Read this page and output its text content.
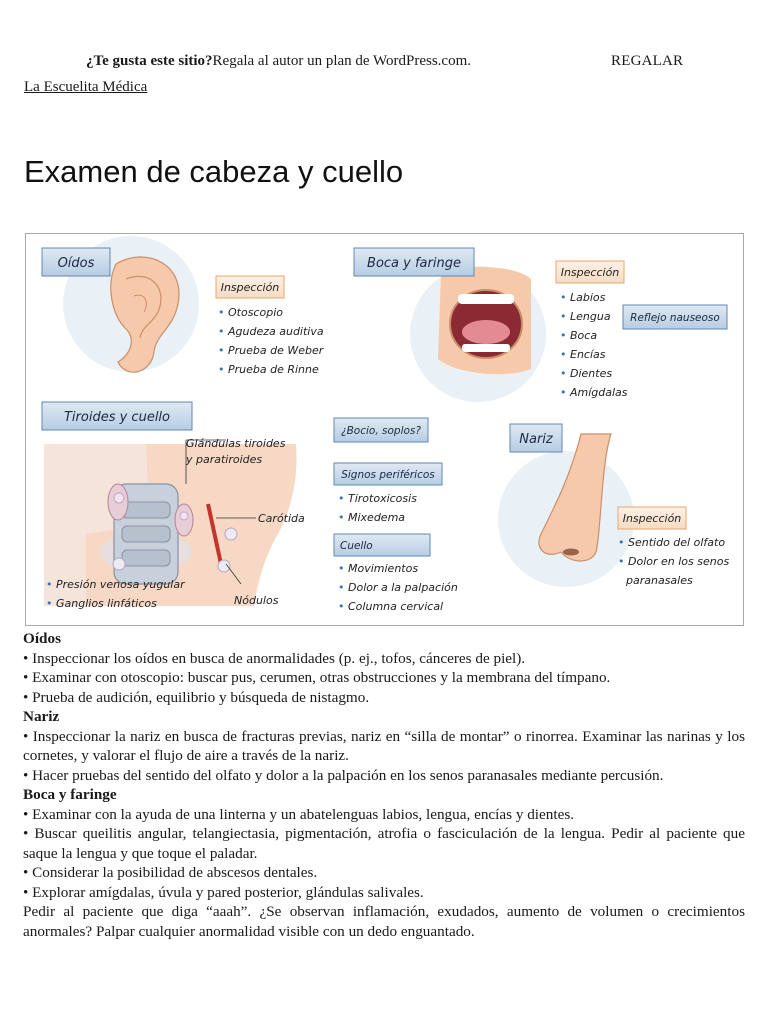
¿Te gusta este sitio?Regala al autor un plan de WordPress.com.	REGALAR
La Escuelita Médica
Examen de cabeza y cuello
Oídos	Boca y faringe
Tiroides y cuello
Nariz
Inspección
• Otoscopio
• Agudeza auditiva
• Prueba de Weber
• Prueba de Rinne
Inspección
• Labios
• Lengua
• Boca
• Encías
• Dientes
• Amígdalas
Reflejo nauseoso
Glándulas tiroides
y paratiroides
Carótida
Nódulos
• Presión venosa yugular
• Ganglios linfáticos
¿Bocio, soplos?
Signos periféricos
• Tirotoxicosis
• Mixedema
Cuello
• Movimientos
• Dolor a la palpación
• Columna cervical
Inspección
• Sentido del olfato
• Dolor en los senos
paranasales

Oídos

• Inspeccionar los oídos en busca de anormalidades (p. ej., tofos, cánceres de piel).

• Examinar con otoscopio: buscar pus, cerumen, otras obstrucciones y la membrana del tímpano.

• Prueba de audición, equilibrio y búsqueda de nistagmo.

Nariz

• Inspeccionar la nariz en busca de fracturas previas, nariz en “silla de montar” o rinorrea. Examinar las narinas y los cornetes, y valorar el flujo de aire a través de la nariz.

• Hacer pruebas del sentido del olfato y dolor a la palpación en los senos paranasales mediante percusión.

Boca y faringe

• Examinar con la ayuda de una linterna y un abatelenguas labios, lengua, encías y dientes.

• Buscar queilitis angular, telangiectasia, pigmentación, atrofia o fasciculación de la lengua. Pedir al paciente que saque la lengua y que toque el paladar.

• Considerar la posibilidad de abscesos dentales.

• Explorar amígdalas, úvula y pared posterior, glándulas salivales.

Pedir al paciente que diga “aaah”. ¿Se observan inflamación, exudados, aumento de volumen o crecimientos anormales? Palpar cualquier anormalidad visible con un dedo enguantado.
